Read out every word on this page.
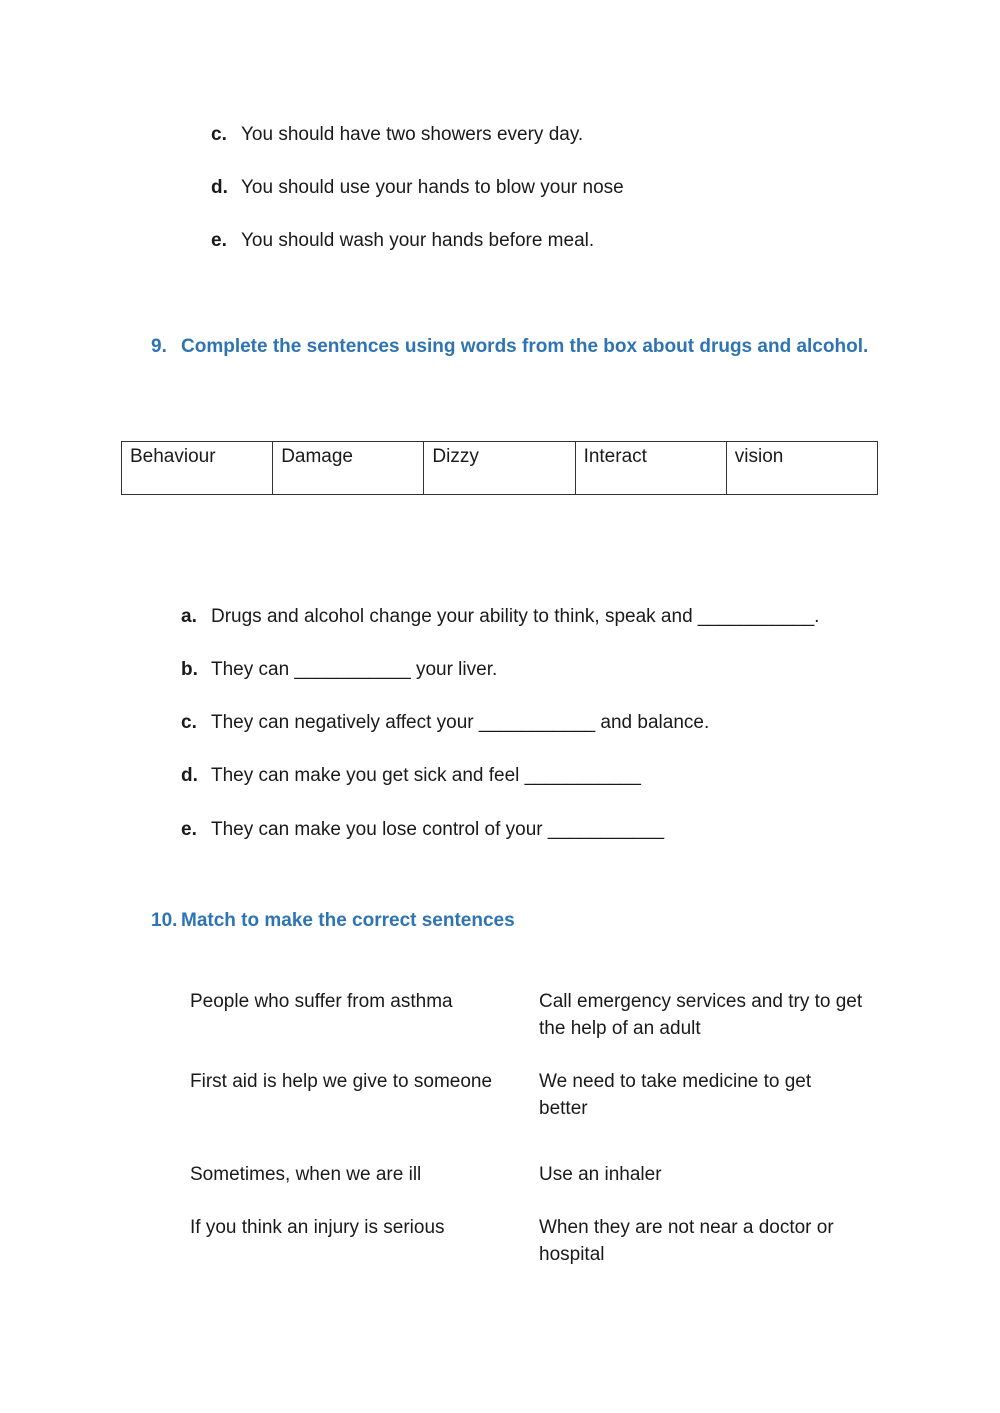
c. You should have two showers every day.
d. You should use your hands to blow your nose
e. You should wash your hands before meal.
9. Complete the sentences using words from the box about drugs and alcohol.
Behaviour	Damage	Dizzy	Interact	vision
a. Drugs and alcohol change your ability to think, speak and ___________.
b. They can ___________ your liver.
c. They can negatively affect your ___________ and balance.
d. They can make you get sick and feel ___________
e. They can make you lose control of your ___________
10. Match to make the correct sentences
People who suffer from asthma	Call emergency services and try to get the help of an adult
First aid is help we give to someone	We need to take medicine to get better
Sometimes, when we are ill	Use an inhaler
If you think an injury is serious	When they are not near a doctor or hospital
